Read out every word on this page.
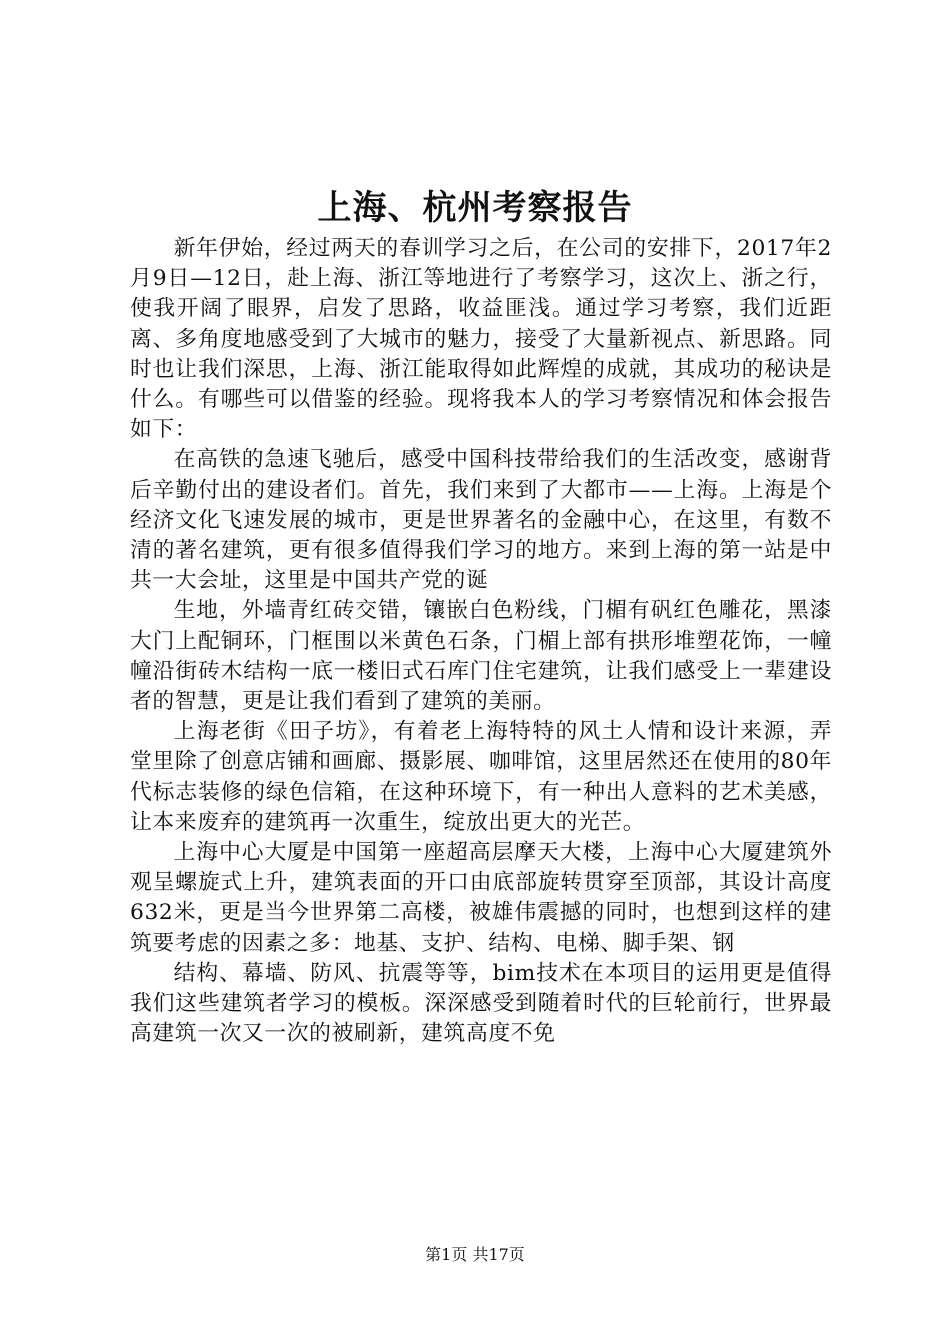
上海、杭州考察报告

新年伊始，经过两天的春训学习之后，在公司的安排下，2017年2月9日—12日，赴上海、浙江等地进行了考察学习，这次上、浙之行，使我开阔了眼界，启发了思路，收益匪浅。通过学习考察，我们近距离、多角度地感受到了大城市的魅力，接受了大量新视点、新思路。同时也让我们深思，上海、浙江能取得如此辉煌的成就，其成功的秘诀是什么。有哪些可以借鉴的经验。现将我本人的学习考察情况和体会报告如下：

在高铁的急速飞驰后，感受中国科技带给我们的生活改变，感谢背后辛勤付出的建设者们。首先，我们来到了大都市——上海。上海是个经济文化飞速发展的城市，更是世界著名的金融中心，在这里，有数不清的著名建筑，更有很多值得我们学习的地方。来到上海的第一站是中共一大会址，这里是中国共产党的诞

生地，外墙青红砖交错，镶嵌白色粉线，门楣有矾红色雕花，黑漆大门上配铜环，门框围以米黄色石条，门楣上部有拱形堆塑花饰，一幢幢沿街砖木结构一底一楼旧式石库门住宅建筑，让我们感受上一辈建设者的智慧，更是让我们看到了建筑的美丽。

上海老街《田子坊》，有着老上海特特的风土人情和设计来源，弄堂里除了创意店铺和画廊、摄影展、咖啡馆，这里居然还在使用的80年代标志装修的绿色信箱，在这种环境下，有一种出人意料的艺术美感，让本来废弃的建筑再一次重生，绽放出更大的光芒。

上海中心大厦是中国第一座超高层摩天大楼，上海中心大厦建筑外观呈螺旋式上升，建筑表面的开口由底部旋转贯穿至顶部，其设计高度632米，更是当今世界第二高楼，被雄伟震撼的同时，也想到这样的建筑要考虑的因素之多：地基、支护、结构、电梯、脚手架、钢

结构、幕墙、防风、抗震等等，bim技术在本项目的运用更是值得我们这些建筑者学习的模板。深深感受到随着时代的巨轮前行，世界最高建筑一次又一次的被刷新，建筑高度不免

第1页 共17页
